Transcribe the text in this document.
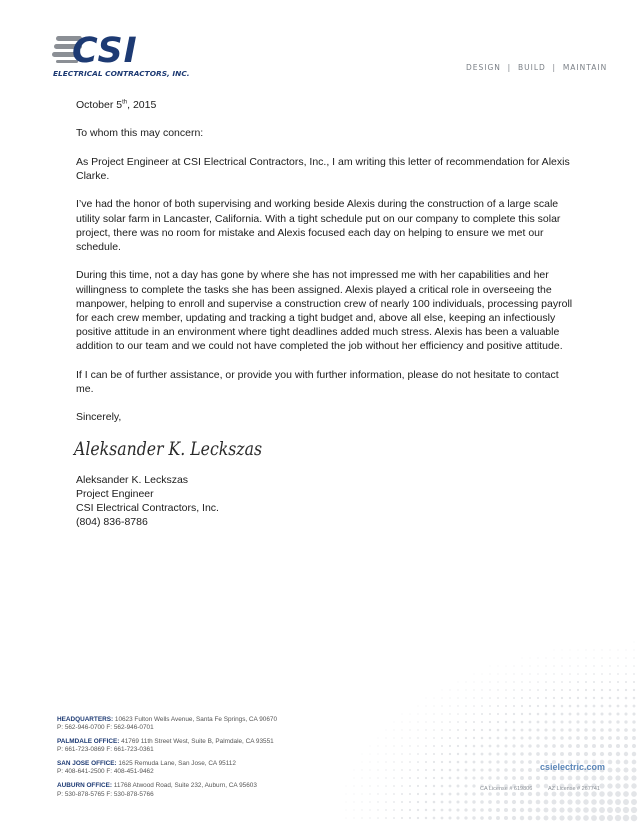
CSI
ELECTRICAL CONTRACTORS, INC.
DESIGN  |  BUILD  |  MAINTAIN

October 5th, 2015

To whom this may concern:

As Project Engineer at CSI Electrical Contractors, Inc., I am writing this letter of recommendation for Alexis Clarke.

I’ve had the honor of both supervising and working beside Alexis during the construction of a large scale utility solar farm in Lancaster, California. With a tight schedule put on our company to complete this solar project, there was no room for mistake and Alexis focused each day on helping to ensure we met our schedule.

During this time, not a day has gone by where she has not impressed me with her capabilities and her willingness to complete the tasks she has been assigned. Alexis played a critical role in overseeing the manpower, helping to enroll and supervise a construction crew of nearly 100 individuals, processing payroll for each crew member, updating and tracking a tight budget and, above all else, keeping an infectiously positive attitude in an environment where tight deadlines added much stress. Alexis has been a valuable addition to our team and we could not have completed the job without her efficiency and positive attitude.

If I can be of further assistance, or provide you with further information, please do not hesitate to contact me.

Sincerely,

Aleksander K. Leckszas

Aleksander K. Leckszas

Project Engineer

CSI Electrical Contractors, Inc.

(804) 836-8786

HEADQUARTERS: 10623 Fulton Wells Avenue, Santa Fe Springs, CA 90670
P: 562-946-0700 F: 562-946-0701
PALMDALE OFFICE: 41769 11th Street West, Suite B, Palmdale, CA 93551
P: 661-723-0869 F: 661-723-0361
SAN JOSE OFFICE: 1625 Remuda Lane, San Jose, CA 95112
P: 408-641-2500 F: 408-451-9462
AUBURN OFFICE: 11768 Atwood Road, Suite 232, Auburn, CA 95603
P: 530-878-5765 F: 530-878-5766
csielectric.com
CA License # 619806	AZ License # 267741
